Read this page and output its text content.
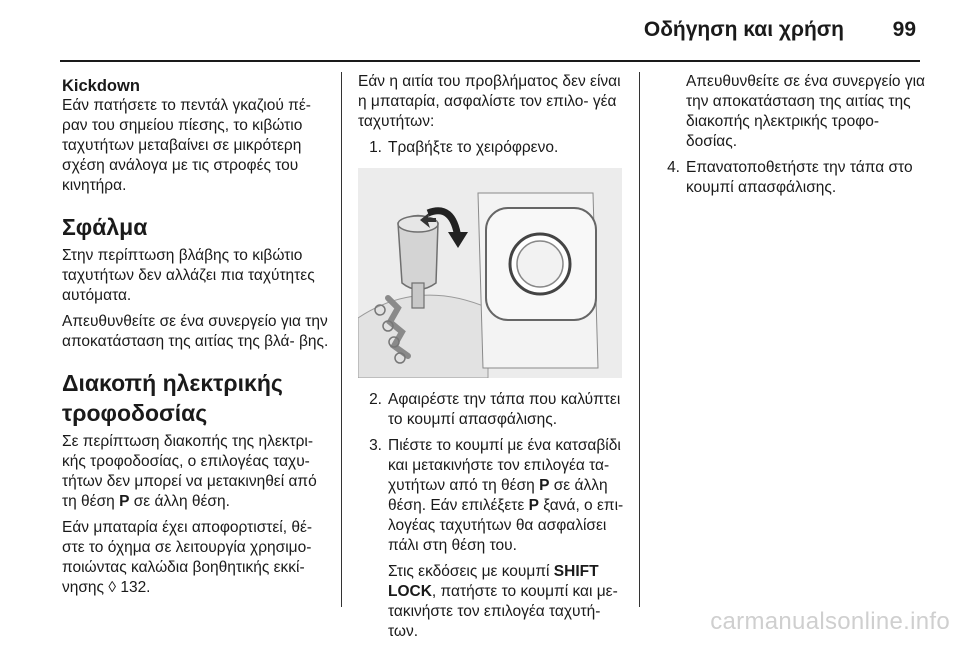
Οδήγηση και χρήση 99
Kickdown

Εάν πατήσετε το πεντάλ γκαζιού πέ- ραν του σημείου πίεσης, το κιβώτιο ταχυτήτων μεταβαίνει σε μικρότερη σχέση ανάλογα με τις στροφές του κινητήρα.

Σφάλμα

Στην περίπτωση βλάβης το κιβώτιο ταχυτήτων δεν αλλάζει πια ταχύτητες αυτόματα.

Απευθυνθείτε σε ένα συνεργείο για την αποκατάσταση της αιτίας της βλά- βης.

Διακοπή ηλεκτρικής τροφοδοσίας

Σε περίπτωση διακοπής της ηλεκτρι- κής τροφοδοσίας, ο επιλογέας ταχυ- τήτων δεν μπορεί να μετακινηθεί από τη θέση P σε άλλη θέση.

Εάν μπαταρία έχει αποφορτιστεί, θέ- στε το όχημα σε λειτουργία χρησιμο- ποιώντας καλώδια βοηθητικής εκκί- νησης ◊ 132.

Εάν η αιτία του προβλήματος δεν είναι η μπαταρία, ασφαλίστε τον επιλο- γέα ταχυτήτων:

1. Τραβήξτε το χειρόφρενο.
2. Αφαιρέστε την τάπα που καλύπτει το κουμπί απασφάλισης.
3. Πιέστε το κουμπί με ένα κατσαβίδι και μετακινήστε τον επιλογέα τα- χυτήτων από τη θέση P σε άλλη θέση. Εάν επιλέξετε P ξανά, ο επι- λογέας ταχυτήτων θα ασφαλίσει πάλι στη θέση του.
Στις εκδόσεις με κουμπί SHIFT LOCK, πατήστε το κουμπί και με- τακινήστε τον επιλογέα ταχυτή- των.
Απευθυνθείτε σε ένα συνεργείο για την αποκατάσταση της αιτίας της διακοπής ηλεκτρικής τροφο- δοσίας.
4. Επανατοποθετήστε την τάπα στο κουμπί απασφάλισης.
carmanualsonline.info
